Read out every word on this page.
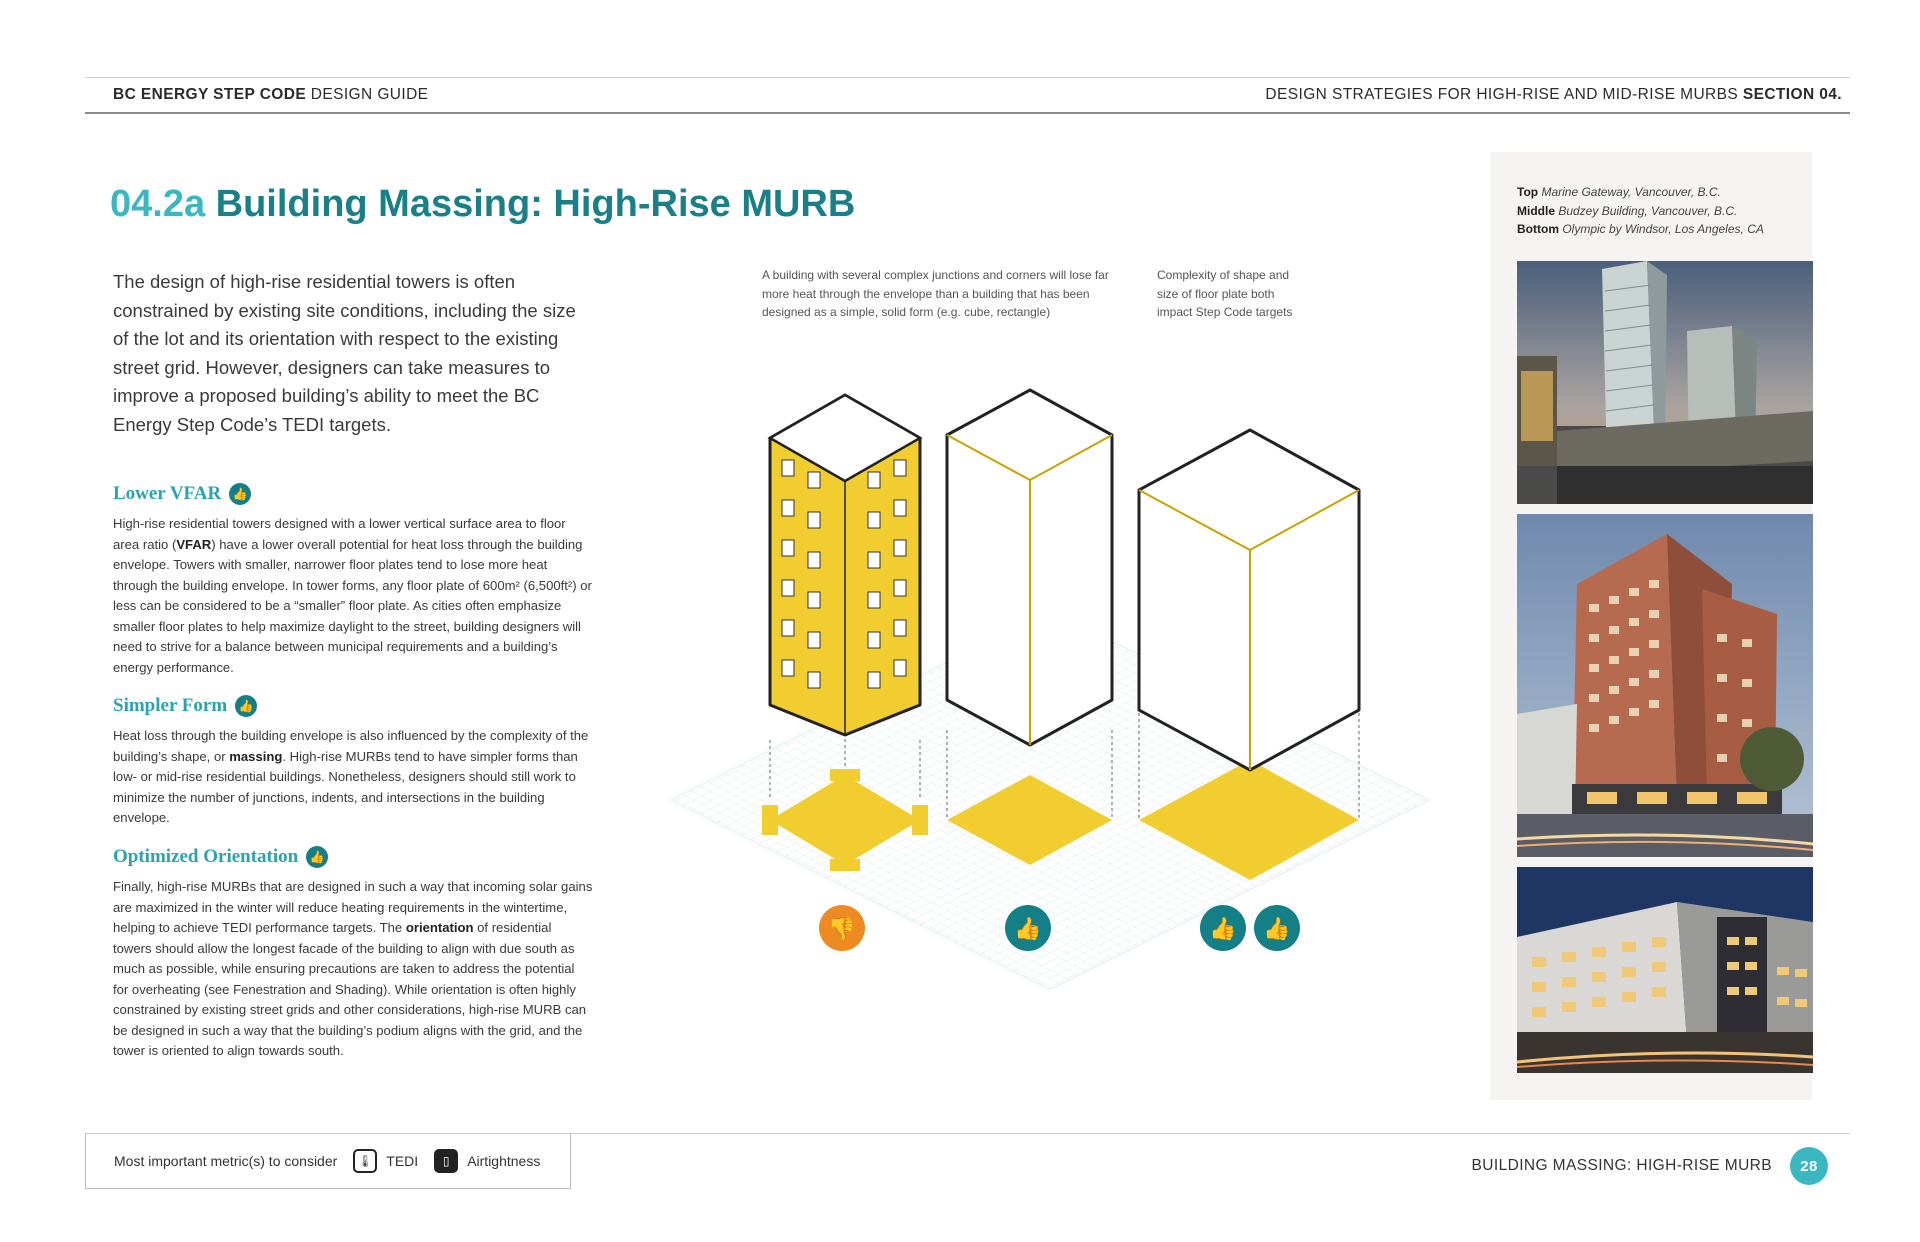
BC ENERGY STEP CODE DESIGN GUIDE	DESIGN STRATEGIES FOR HIGH-RISE AND MID-RISE MURBS SECTION 04.
04.2a Building Massing: High-Rise MURB

The design of high-rise residential towers is often constrained by existing site conditions, including the size of the lot and its orientation with respect to the existing street grid. However, designers can take measures to improve a proposed building’s ability to meet the BC Energy Step Code’s TEDI targets.

Lower VFAR 👍

High-rise residential towers designed with a lower vertical surface area to floor area ratio (VFAR) have a lower overall potential for heat loss through the building envelope. Towers with smaller, narrower floor plates tend to lose more heat through the building envelope. In tower forms, any floor plate of 600m² (6,500ft²) or less can be considered to be a “smaller” floor plate. As cities often emphasize smaller floor plates to help maximize daylight to the street, building designers will need to strive for a balance between municipal requirements and a building’s energy performance.

Simpler Form 👍

Heat loss through the building envelope is also influenced by the complexity of the building’s shape, or massing. High-rise MURBs tend to have simpler forms than low- or mid-rise residential buildings. Nonetheless, designers should still work to minimize the number of junctions, indents, and intersections in the building envelope.

Optimized Orientation 👍

Finally, high-rise MURBs that are designed in such a way that incoming solar gains are maximized in the winter will reduce heating requirements in the wintertime, helping to achieve TEDI performance targets. The orientation of residential towers should allow the longest facade of the building to align with due south as much as possible, while ensuring precautions are taken to address the potential for overheating (see Fenestration and Shading). While orientation is often highly constrained by existing street grids and other considerations, high-rise MURB can be designed in such a way that the building’s podium aligns with the grid, and the tower is oriented to align towards south.

A building with several complex junctions and corners will lose far more heat through the envelope than a building that has been designed as a simple, solid form (e.g. cube, rectangle)

Complexity of shape and size of floor plate both impact Step Code targets

👎	👍	👍 👍
Top Marine Gateway, Vancouver, B.C.
Middle Budzey Building, Vancouver, B.C.
Bottom Olympic by Windsor, Los Angeles, CA
Most important metric(s) to consider	🌡 TEDI	▯	Airtightness	BUILDING MASSING: HIGH-RISE MURB	28
